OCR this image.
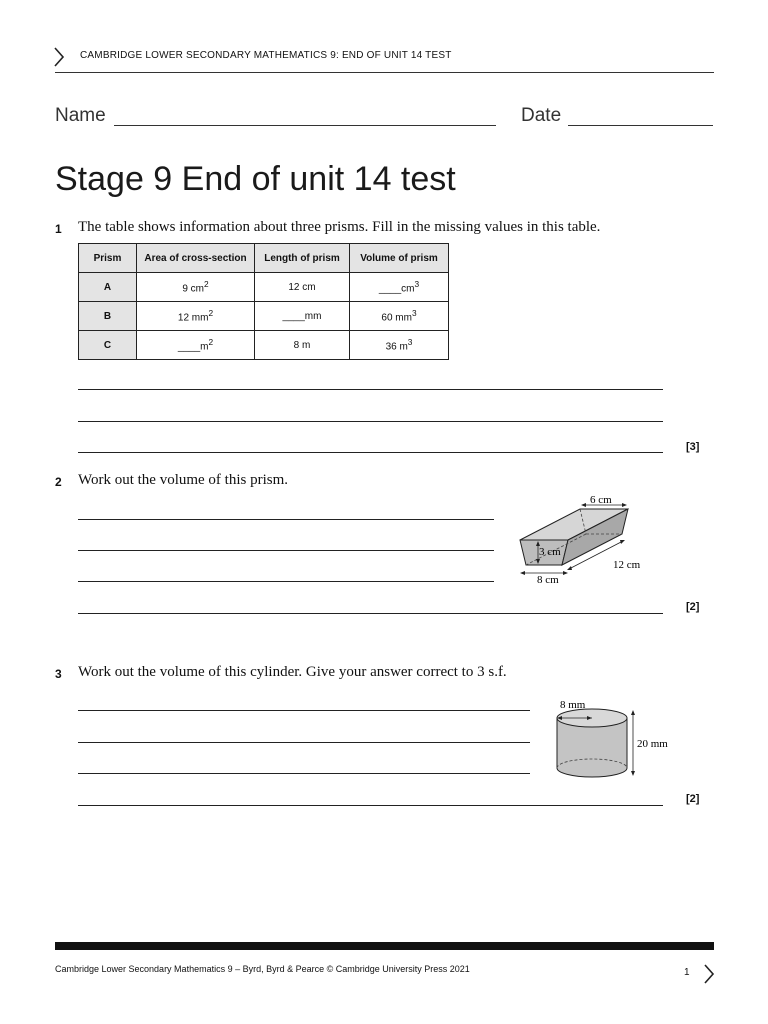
CAMBRIDGE LOWER SECONDARY MATHEMATICS 9: END OF UNIT 14 TEST
Name	Date
Stage 9 End of unit 14 test
1 The table shows information about three prisms. Fill in the missing values in this table.
Prism	Area of cross-section	Length of prism	Volume of prism
A	9 $cm^2$	12 cm	$\_\_\_\_cm^3$
B	12 $mm^2$	____mm	60 $mm^3$
C	$\_\_\_\_m^2$	8 m	36 $m^3$
[3]
2 Work out the volume of this prism.
[2]
6 cm
3 cm
12 cm
8 cm
3 Work out the volume of this cylinder. Give your answer correct to 3 s.f.
[2]
8 mm
20 mm
Cambridge Lower Secondary Mathematics 9 – Byrd, Byrd & Pearce © Cambridge University Press 2021	1
